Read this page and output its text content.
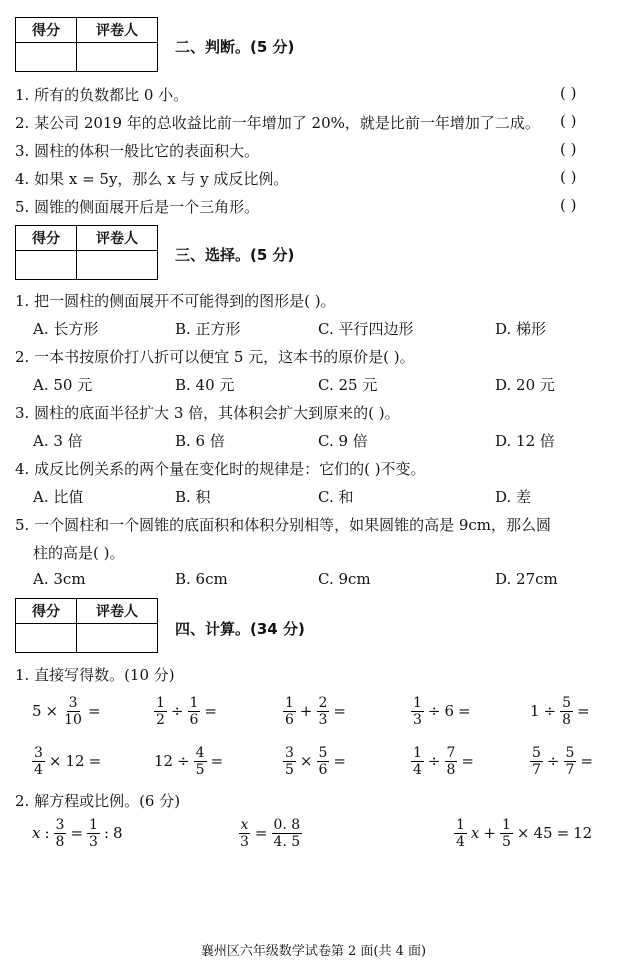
得分	评卷人

二、判断。(5 分)
1. 所有的负数都比 0 小。	( )
2. 某公司 2019 年的总收益比前一年增加了 20%，就是比前一年增加了二成。 ( )
3. 圆柱的体积一般比它的表面积大。	( )
4. 如果 x = 5y，那么 x 与 y 成反比例。	( )
5. 圆锥的侧面展开后是一个三角形。	( )
得分	评卷人

三、选择。(5 分)
1. 把一圆柱的侧面展开不可能得到的图形是( )。
A. 长方形	B. 正方形	C. 平行四边形	D. 梯形
2. 一本书按原价打八折可以便宜 5 元，这本书的原价是( )。
A. 50 元	B. 40 元	C. 25 元	D. 20 元
3. 圆柱的底面半径扩大 3 倍，其体积会扩大到原来的( )。
A. 3 倍	B. 6 倍	C. 9 倍	D. 12 倍
4. 成反比例关系的两个量在变化时的规律是：它们的( )不变。
A. 比值	B. 积	C. 和	D. 差
5. 一个圆柱和一个圆锥的底面积和体积分别相等，如果圆锥的高是 9cm，那么圆
柱的高是( )。
A. 3cm	B. 6cm	C. 9cm	D. 27cm
得分	评卷人

四、计算。(34 分)
1. 直接写得数。(10 分)
$5 \times \frac{3}{10}$ =	$\frac{1}{2} \div \frac{1}{6}$ =	$\frac{1}{6} + \frac{2}{3}$ =	$\frac{1}{3} \div 6$ =	$1 \div \frac{5}{8}$ =
$\frac{3}{4} \times 12$ =	$12 \div \frac{4}{5}$ =	$\frac{3}{5} \times \frac{5}{6}$ =	$\frac{1}{4} \div \frac{7}{8}$ =	$\frac{5}{7} \div \frac{5}{7}$ =
2. 解方程或比例。(6 分)
x : $\frac{3}{8} = \frac{1}{3}$ : 8	$\frac{x}{3} = \frac{0. 8}{4. 5}$	$\frac{1}{4}$ $x + \frac{1}{5} \times 45 = 12$
襄州区六年级数学试卷第 2 面(共 4 面)
